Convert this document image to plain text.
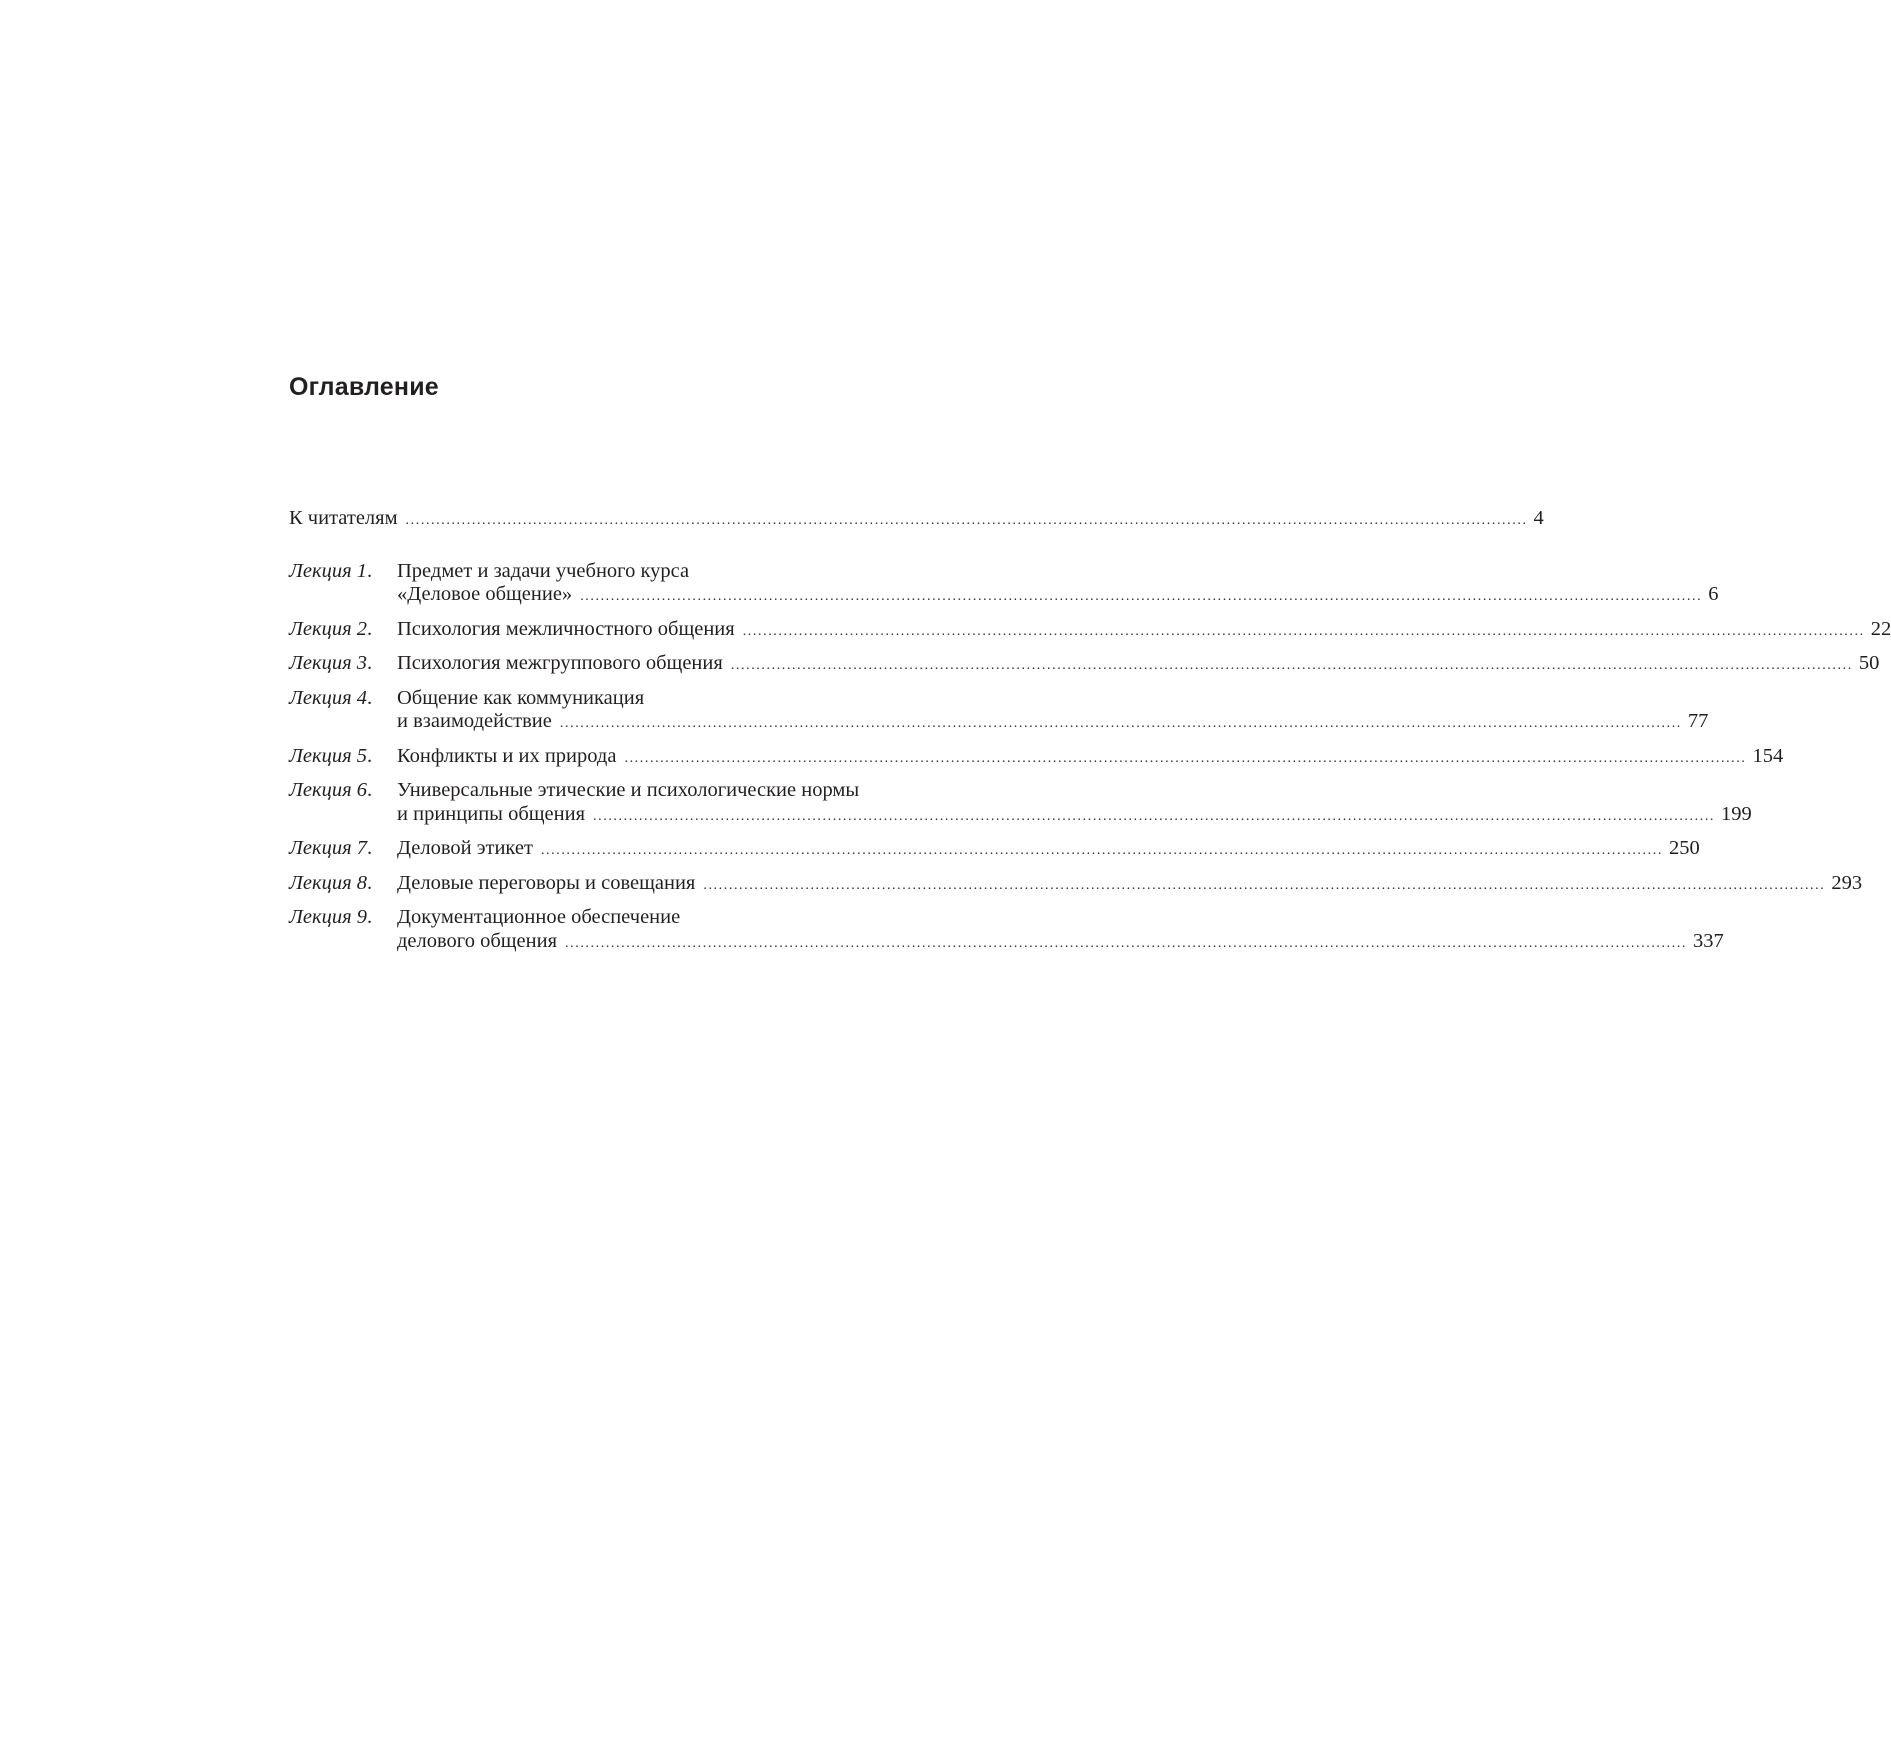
Оглавление
К читателям ............................................................................................................................................................................................................................ 4
Лекция 1.	Предмет и задачи учебного курса
«Деловое общение» ............................................................................................................................................................................................................................ 6
Лекция 2.	Психология межличностного общения ............................................................................................................................................................................................................................ 22
Лекция 3.	Психология межгруппового общения ............................................................................................................................................................................................................................ 50
Лекция 4.	Общение как коммуникация
и взаимодействие ............................................................................................................................................................................................................................ 77
Лекция 5.	Конфликты и их природа ............................................................................................................................................................................................................................ 154
Лекция 6.	Универсальные этические и психологические нормы
и принципы общения ............................................................................................................................................................................................................................ 199
Лекция 7.	Деловой этикет ............................................................................................................................................................................................................................ 250
Лекция 8.	Деловые переговоры и совещания ............................................................................................................................................................................................................................ 293
Лекция 9.	Документационное обеспечение
делового общения ............................................................................................................................................................................................................................ 337
